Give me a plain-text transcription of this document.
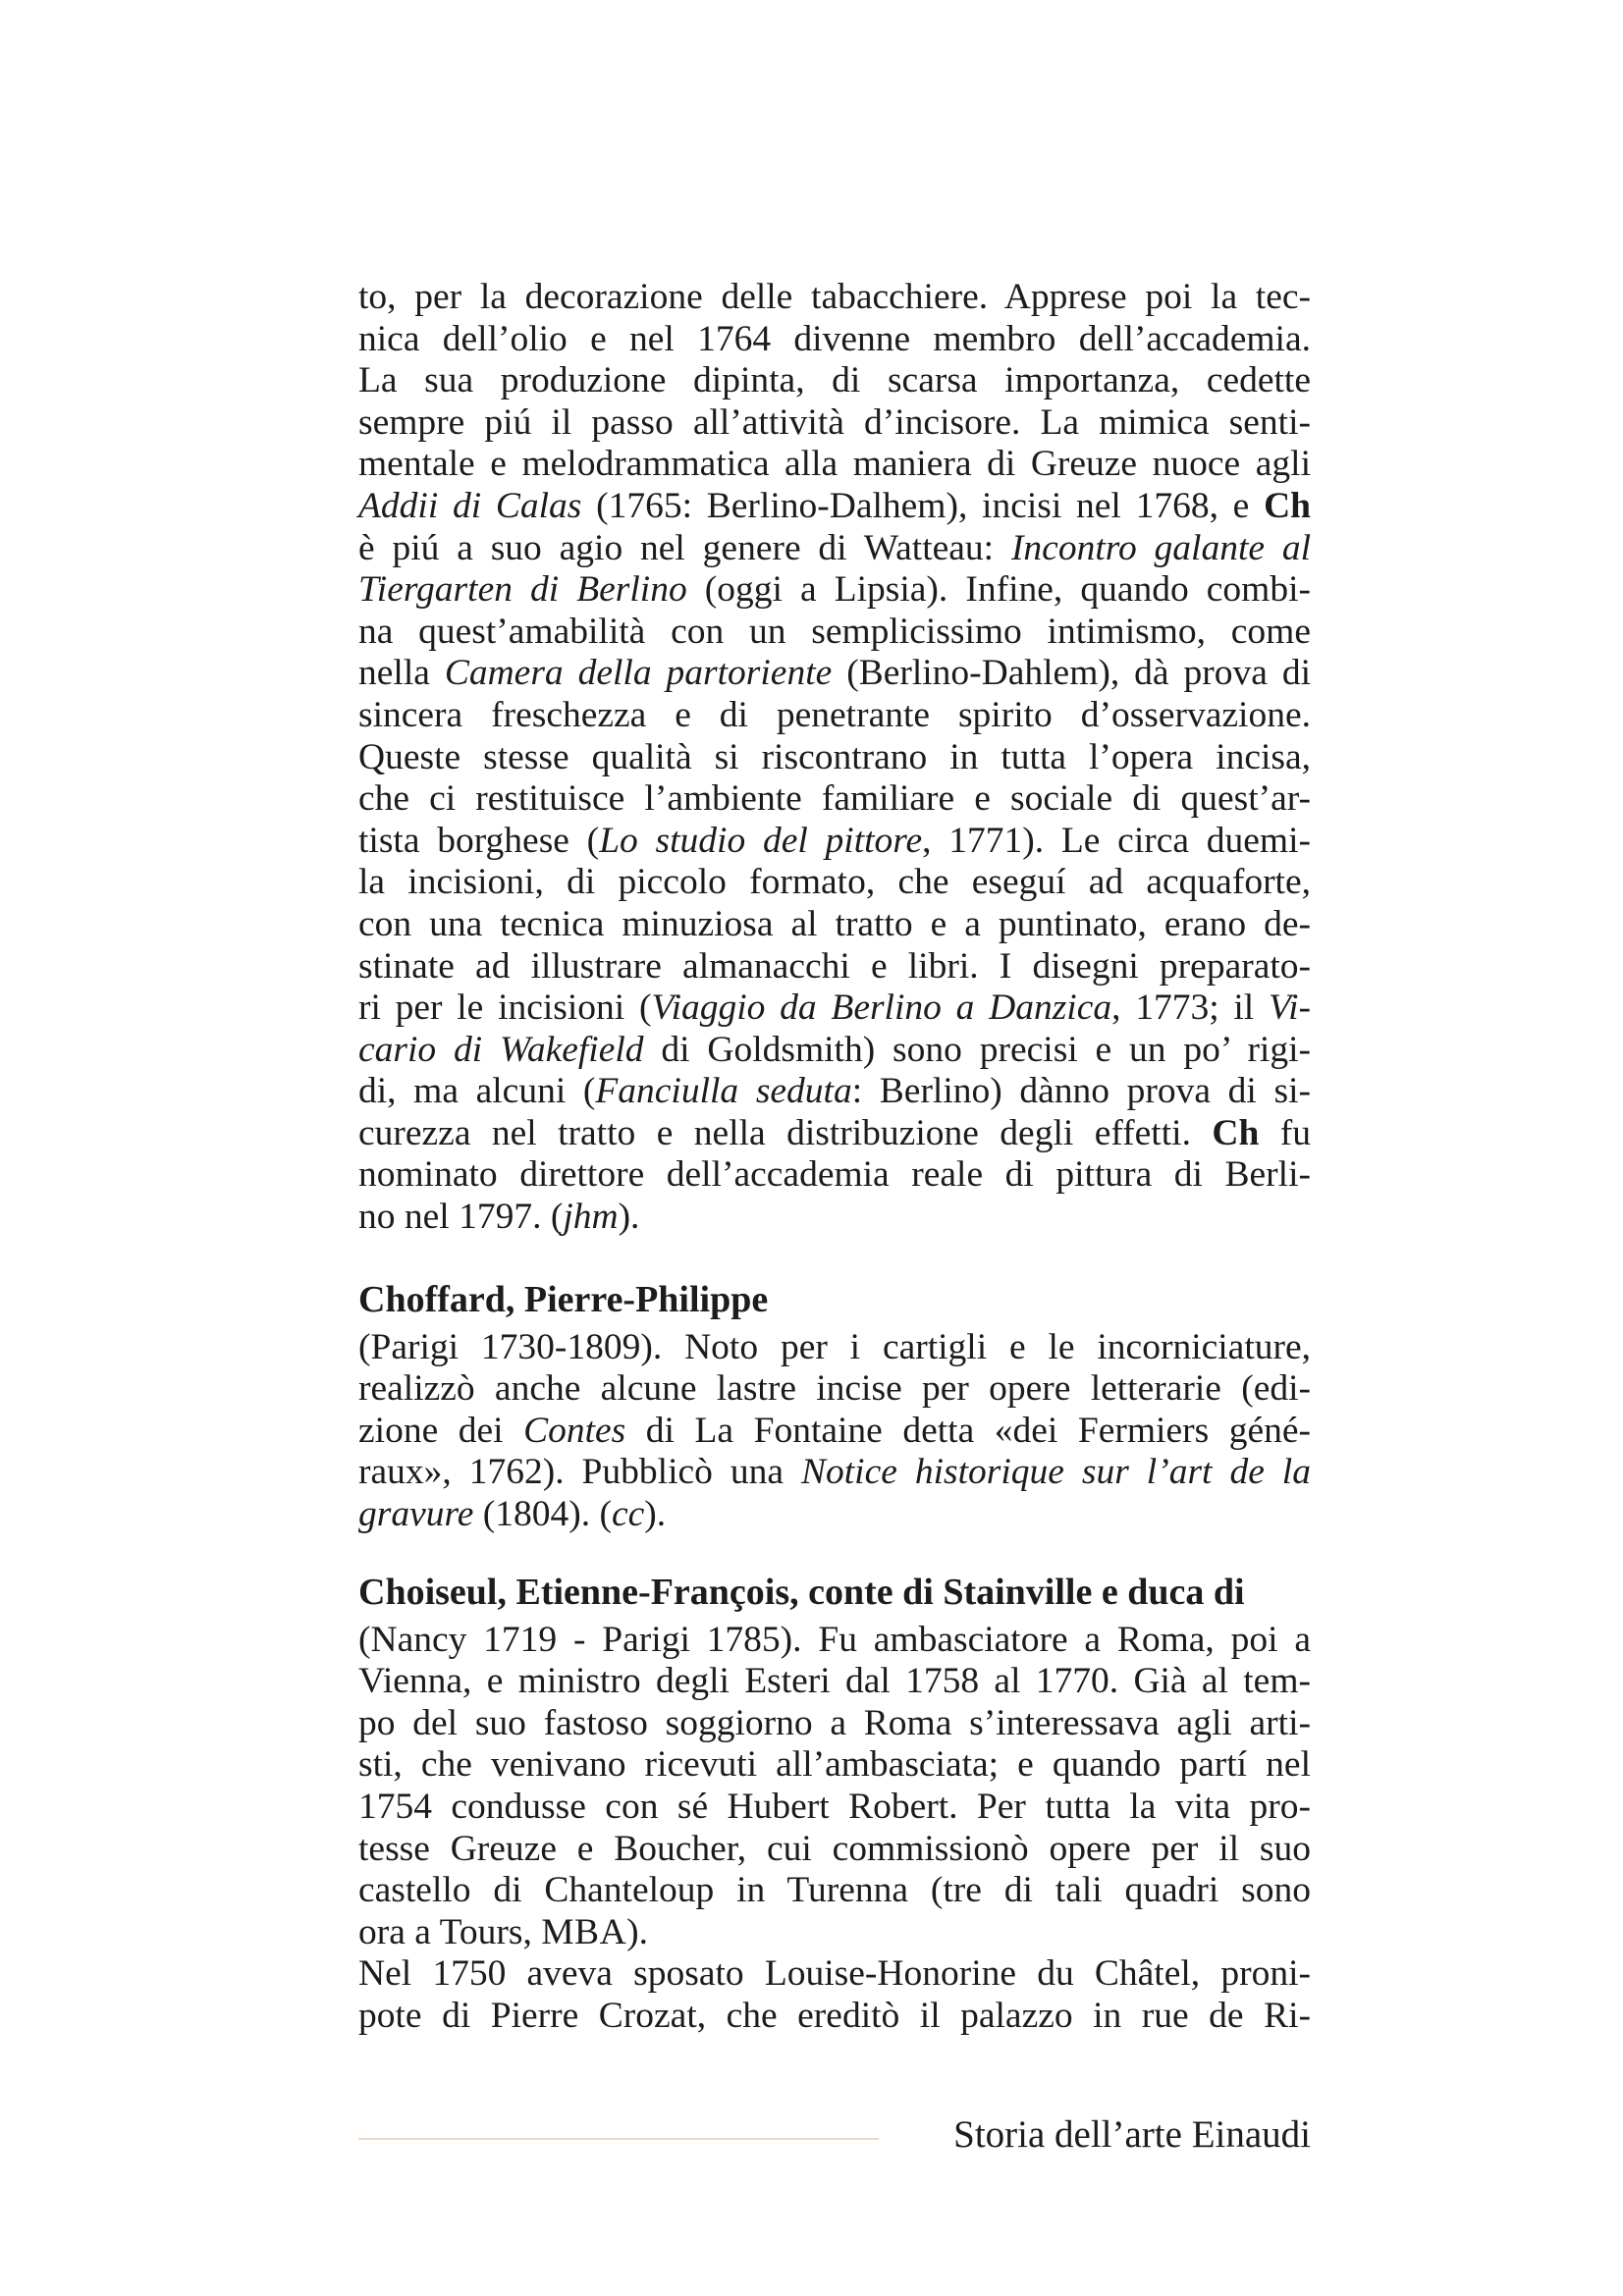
to, per la decorazione delle tabacchiere. Apprese poi la tec-
nica dell’olio e nel 1764 divenne membro dell’accademia.
La sua produzione dipinta, di scarsa importanza, cedette
sempre piú il passo all’attività d’incisore. La mimica senti-
mentale e melodrammatica alla maniera di Greuze nuoce agli
Addii di Calas (1765: Berlino-Dalhem), incisi nel 1768, e Ch
è piú a suo agio nel genere di Watteau: Incontro galante al
Tiergarten di Berlino (oggi a Lipsia). Infine, quando combi-
na quest’amabilità con un semplicissimo intimismo, come
nella Camera della partoriente (Berlino-Dahlem), dà prova di
sincera freschezza e di penetrante spirito d’osservazione.
Queste stesse qualità si riscontrano in tutta l’opera incisa,
che ci restituisce l’ambiente familiare e sociale di quest’ar-
tista borghese (Lo studio del pittore, 1771). Le circa duemi-
la incisioni, di piccolo formato, che eseguí ad acquaforte,
con una tecnica minuziosa al tratto e a puntinato, erano de-
stinate ad illustrare almanacchi e libri. I disegni preparato-
ri per le incisioni (Viaggio da Berlino a Danzica, 1773; il Vi-
cario di Wakefield di Goldsmith) sono precisi e un po’ rigi-
di, ma alcuni (Fanciulla seduta: Berlino) dànno prova di si-
curezza nel tratto e nella distribuzione degli effetti. Ch fu
nominato direttore dell’accademia reale di pittura di Berli-
no nel 1797. (jhm).

Choffard, Pierre-Philippe

(Parigi 1730-1809). Noto per i cartigli e le incorniciature,
realizzò anche alcune lastre incise per opere letterarie (edi-
zione dei Contes di La Fontaine detta «dei Fermiers géné-
raux», 1762). Pubblicò una Notice historique sur l’art de la
gravure (1804). (cc).

Choiseul, Etienne-François, conte di Stainville e duca di

(Nancy 1719 - Parigi 1785). Fu ambasciatore a Roma, poi a
Vienna, e ministro degli Esteri dal 1758 al 1770. Già al tem-
po del suo fastoso soggiorno a Roma s’interessava agli arti-
sti, che venivano ricevuti all’ambasciata; e quando partí nel
1754 condusse con sé Hubert Robert. Per tutta la vita pro-
tesse Greuze e Boucher, cui commissionò opere per il suo
castello di Chanteloup in Turenna (tre di tali quadri sono
ora a Tours, MBA).

Nel 1750 aveva sposato Louise-Honorine du Châtel, proni-
pote di Pierre Crozat, che ereditò il palazzo in rue de Ri-

Storia dell’arte Einaudi
